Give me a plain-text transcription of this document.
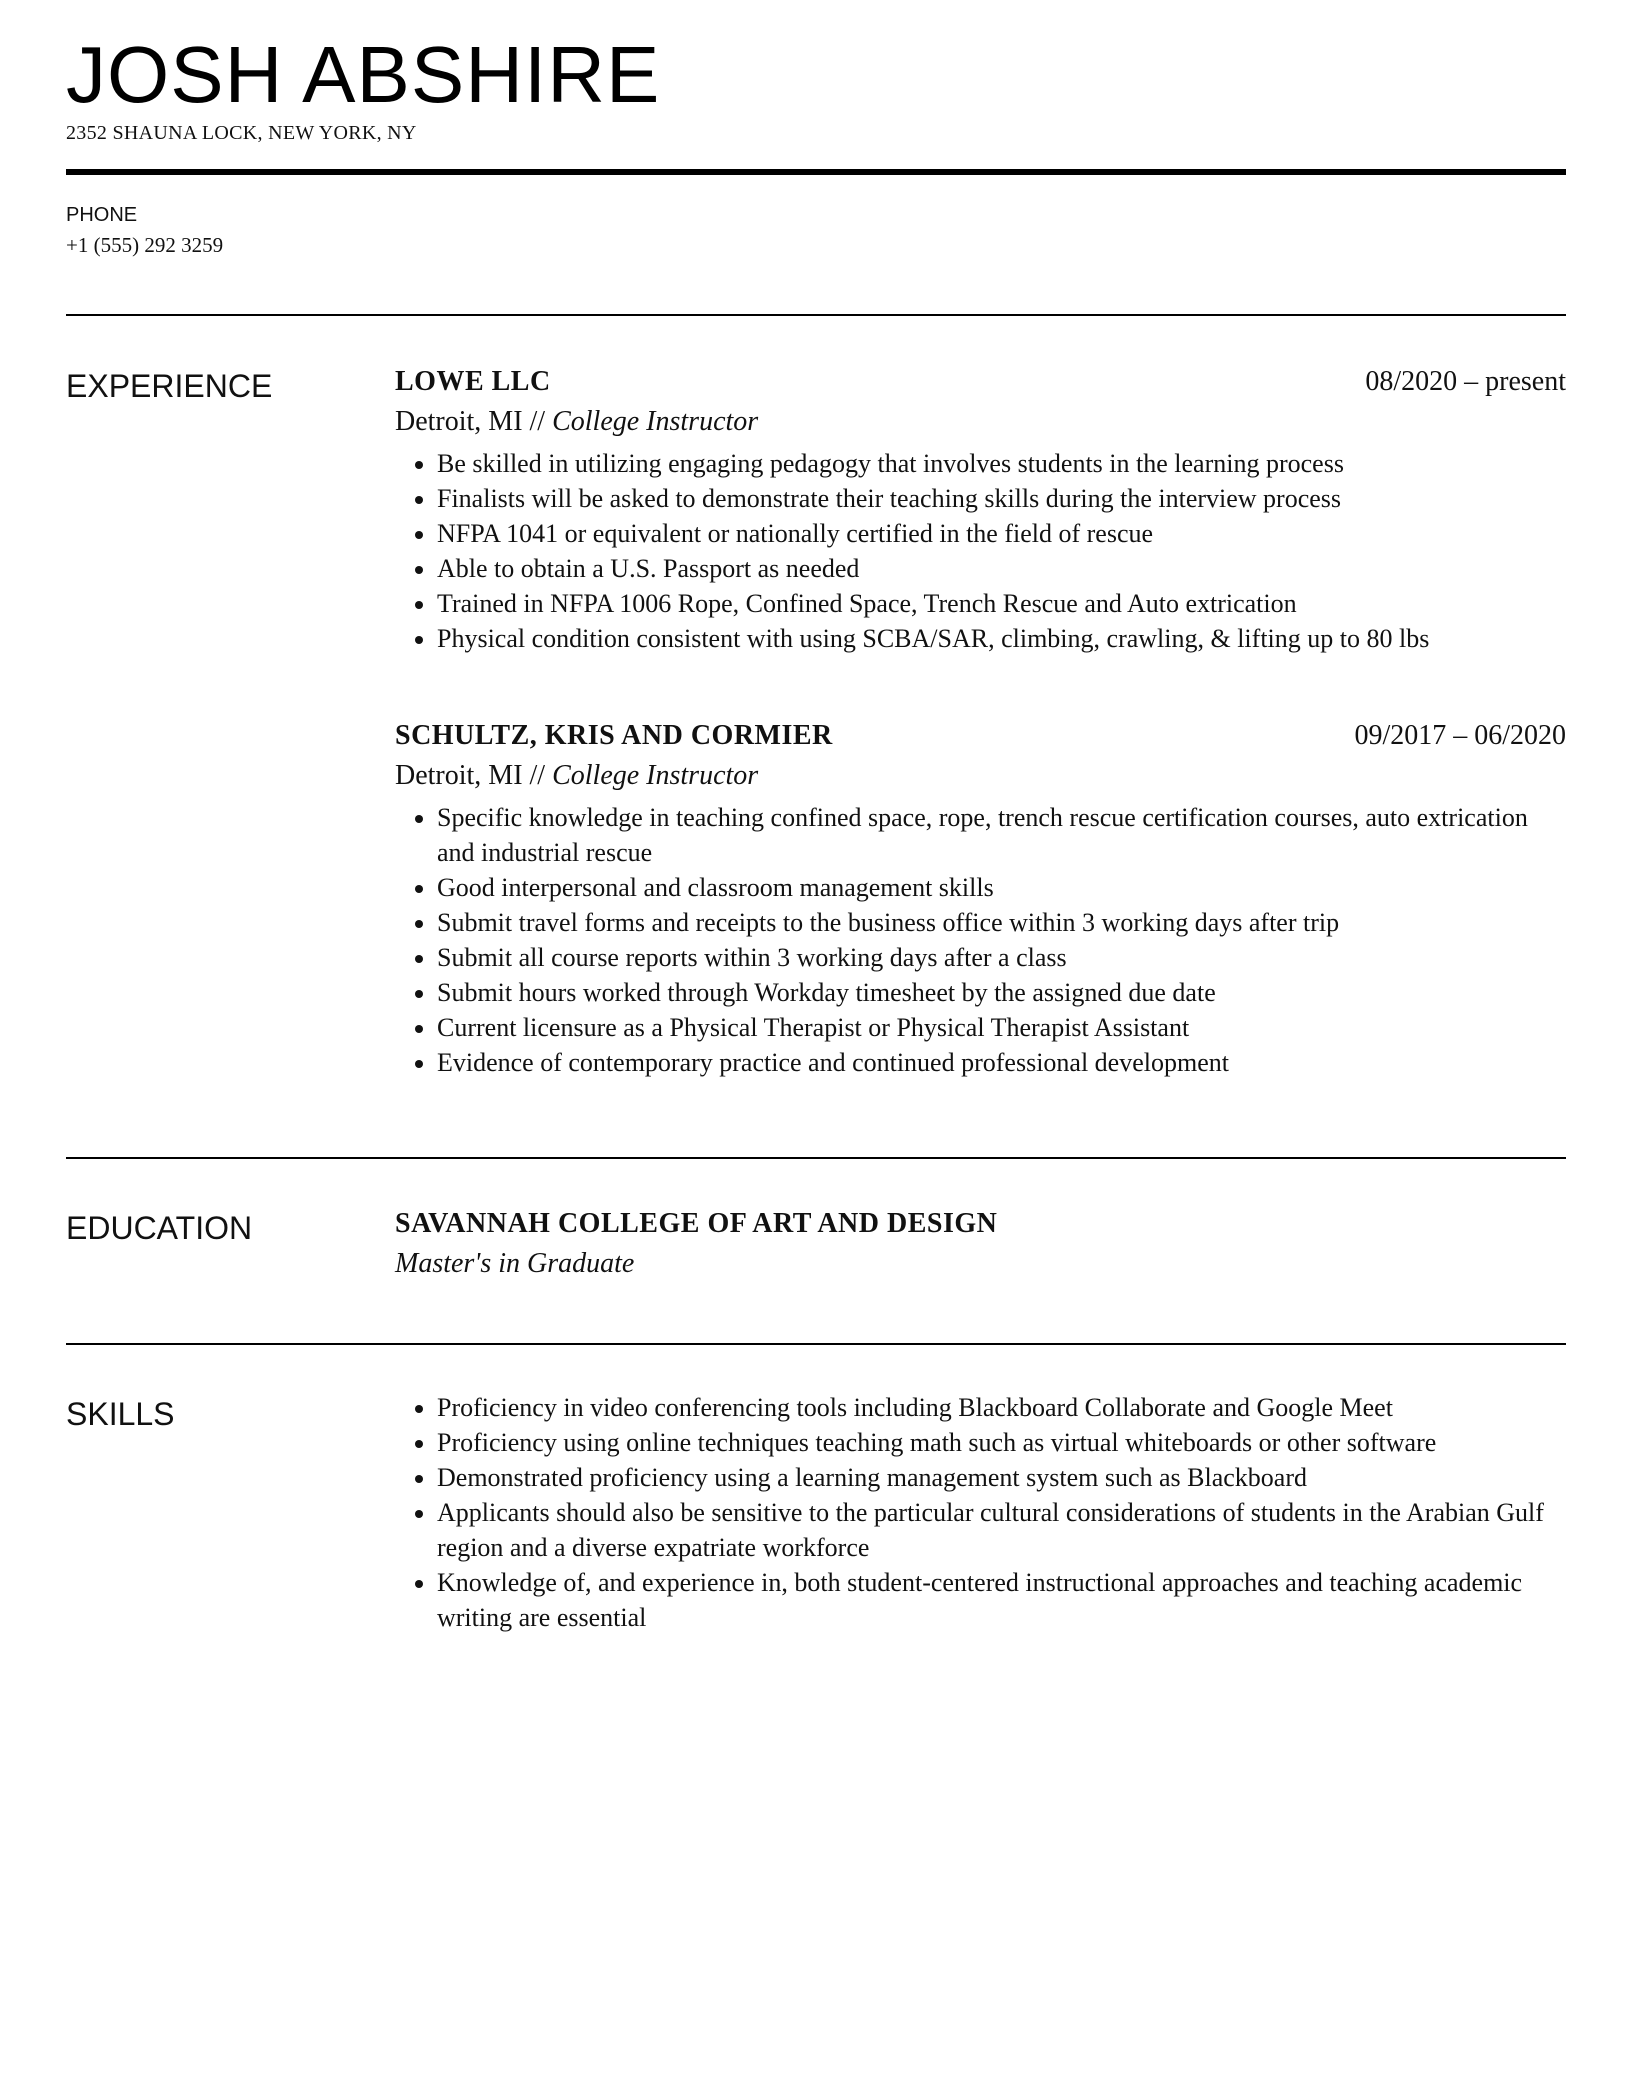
JOSH ABSHIRE
2352 SHAUNA LOCK, NEW YORK, NY
PHONE
+1 (555) 292 3259
EXPERIENCE	LOWE LLC	08/2020 – present
Detroit, MI // College Instructor
• Be skilled in utilizing engaging pedagogy that involves students in the learning process
• Finalists will be asked to demonstrate their teaching skills during the interview process
• NFPA 1041 or equivalent or nationally certified in the field of rescue
• Able to obtain a U.S. Passport as needed
• Trained in NFPA 1006 Rope, Confined Space, Trench Rescue and Auto extrication
• Physical condition consistent with using SCBA/SAR, climbing, crawling, & lifting up to 80 lbs
SCHULTZ, KRIS AND CORMIER	09/2017 – 06/2020
Detroit, MI // College Instructor
• Specific knowledge in teaching confined space, rope, trench rescue certification courses, auto extrication and industrial rescue
• Good interpersonal and classroom management skills
• Submit travel forms and receipts to the business office within 3 working days after trip
• Submit all course reports within 3 working days after a class
• Submit hours worked through Workday timesheet by the assigned due date
• Current licensure as a Physical Therapist or Physical Therapist Assistant
• Evidence of contemporary practice and continued professional development
EDUCATION	SAVANNAH COLLEGE OF ART AND DESIGN
Master's in Graduate
SKILLS
•	Proficiency in video conferencing tools including Blackboard Collaborate and Google Meet
• Proficiency using online techniques teaching math such as virtual whiteboards or other software
• Demonstrated proficiency using a learning management system such as Blackboard
• Applicants should also be sensitive to the particular cultural considerations of students in the Arabian Gulf region and a diverse expatriate workforce
• Knowledge of, and experience in, both student-centered instructional approaches and teaching academic writing are essential
